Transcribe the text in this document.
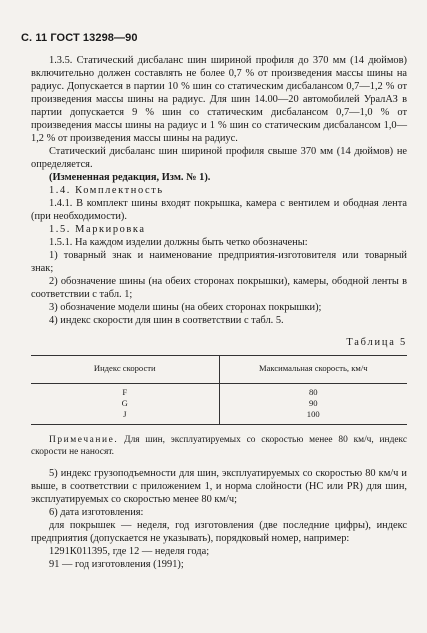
С. 11 ГОСТ 13298—90

1.3.5. Статический дисбаланс шин шириной профиля до 370 мм (14 дюймов) включительно должен составлять не более 0,7 % от произведения массы шины на радиус. Допускается в партии 10 % шин со статическим дисбалансом 0,7—1,2 % от произведения массы шины на радиус. Для шин 14.00—20 автомобилей УралАЗ в партии допускается 9 % шин со статическим дисбалансом 0,7—1,0 % от произведения массы шины на радиус и 1 % шин со статическим дисбалансом 1,0—1,2 % от произведения массы шины на радиус.

Статический дисбаланс шин шириной профиля свыше 370 мм (14 дюймов) не определяется.

(Измененная редакция, Изм. № 1).

1.4. Комплектность

1.4.1. В комплект шины входят покрышка, камера с вентилем и ободная лента (при необходимости).

1.5. Маркировка

1.5.1. На каждом изделии должны быть четко обозначены:

1) товарный знак и наименование предприятия-изготовителя или товарный знак;

2) обозначение шины (на обеих сторонах покрышки), камеры, ободной ленты в соответствии с табл. 1;

3) обозначение модели шины (на обеих сторонах покрышки);

4) индекс скорости для шин в соответствии с табл. 5.

Таблица 5
Индекс скорости	Максимальная скорость, км/ч
F	80
G	90
J	100

Примечание. Для шин, эксплуатируемых со скоростью менее 80 км/ч, индекс скорости не наносят.

5) индекс грузоподъемности для шин, эксплуатируемых со скоростью 80 км/ч и выше, в соответствии с приложением 1, и норма слойности (НС или PR) для шин, эксплуатируемых со скоростью менее 80 км/ч;

6) дата изготовления:

для покрышек — неделя, год изготовления (две последние цифры), индекс предприятия (допускается не указывать), порядковый номер, например:

1291К011395, где 12 — неделя года;

91 — год изготовления (1991);
